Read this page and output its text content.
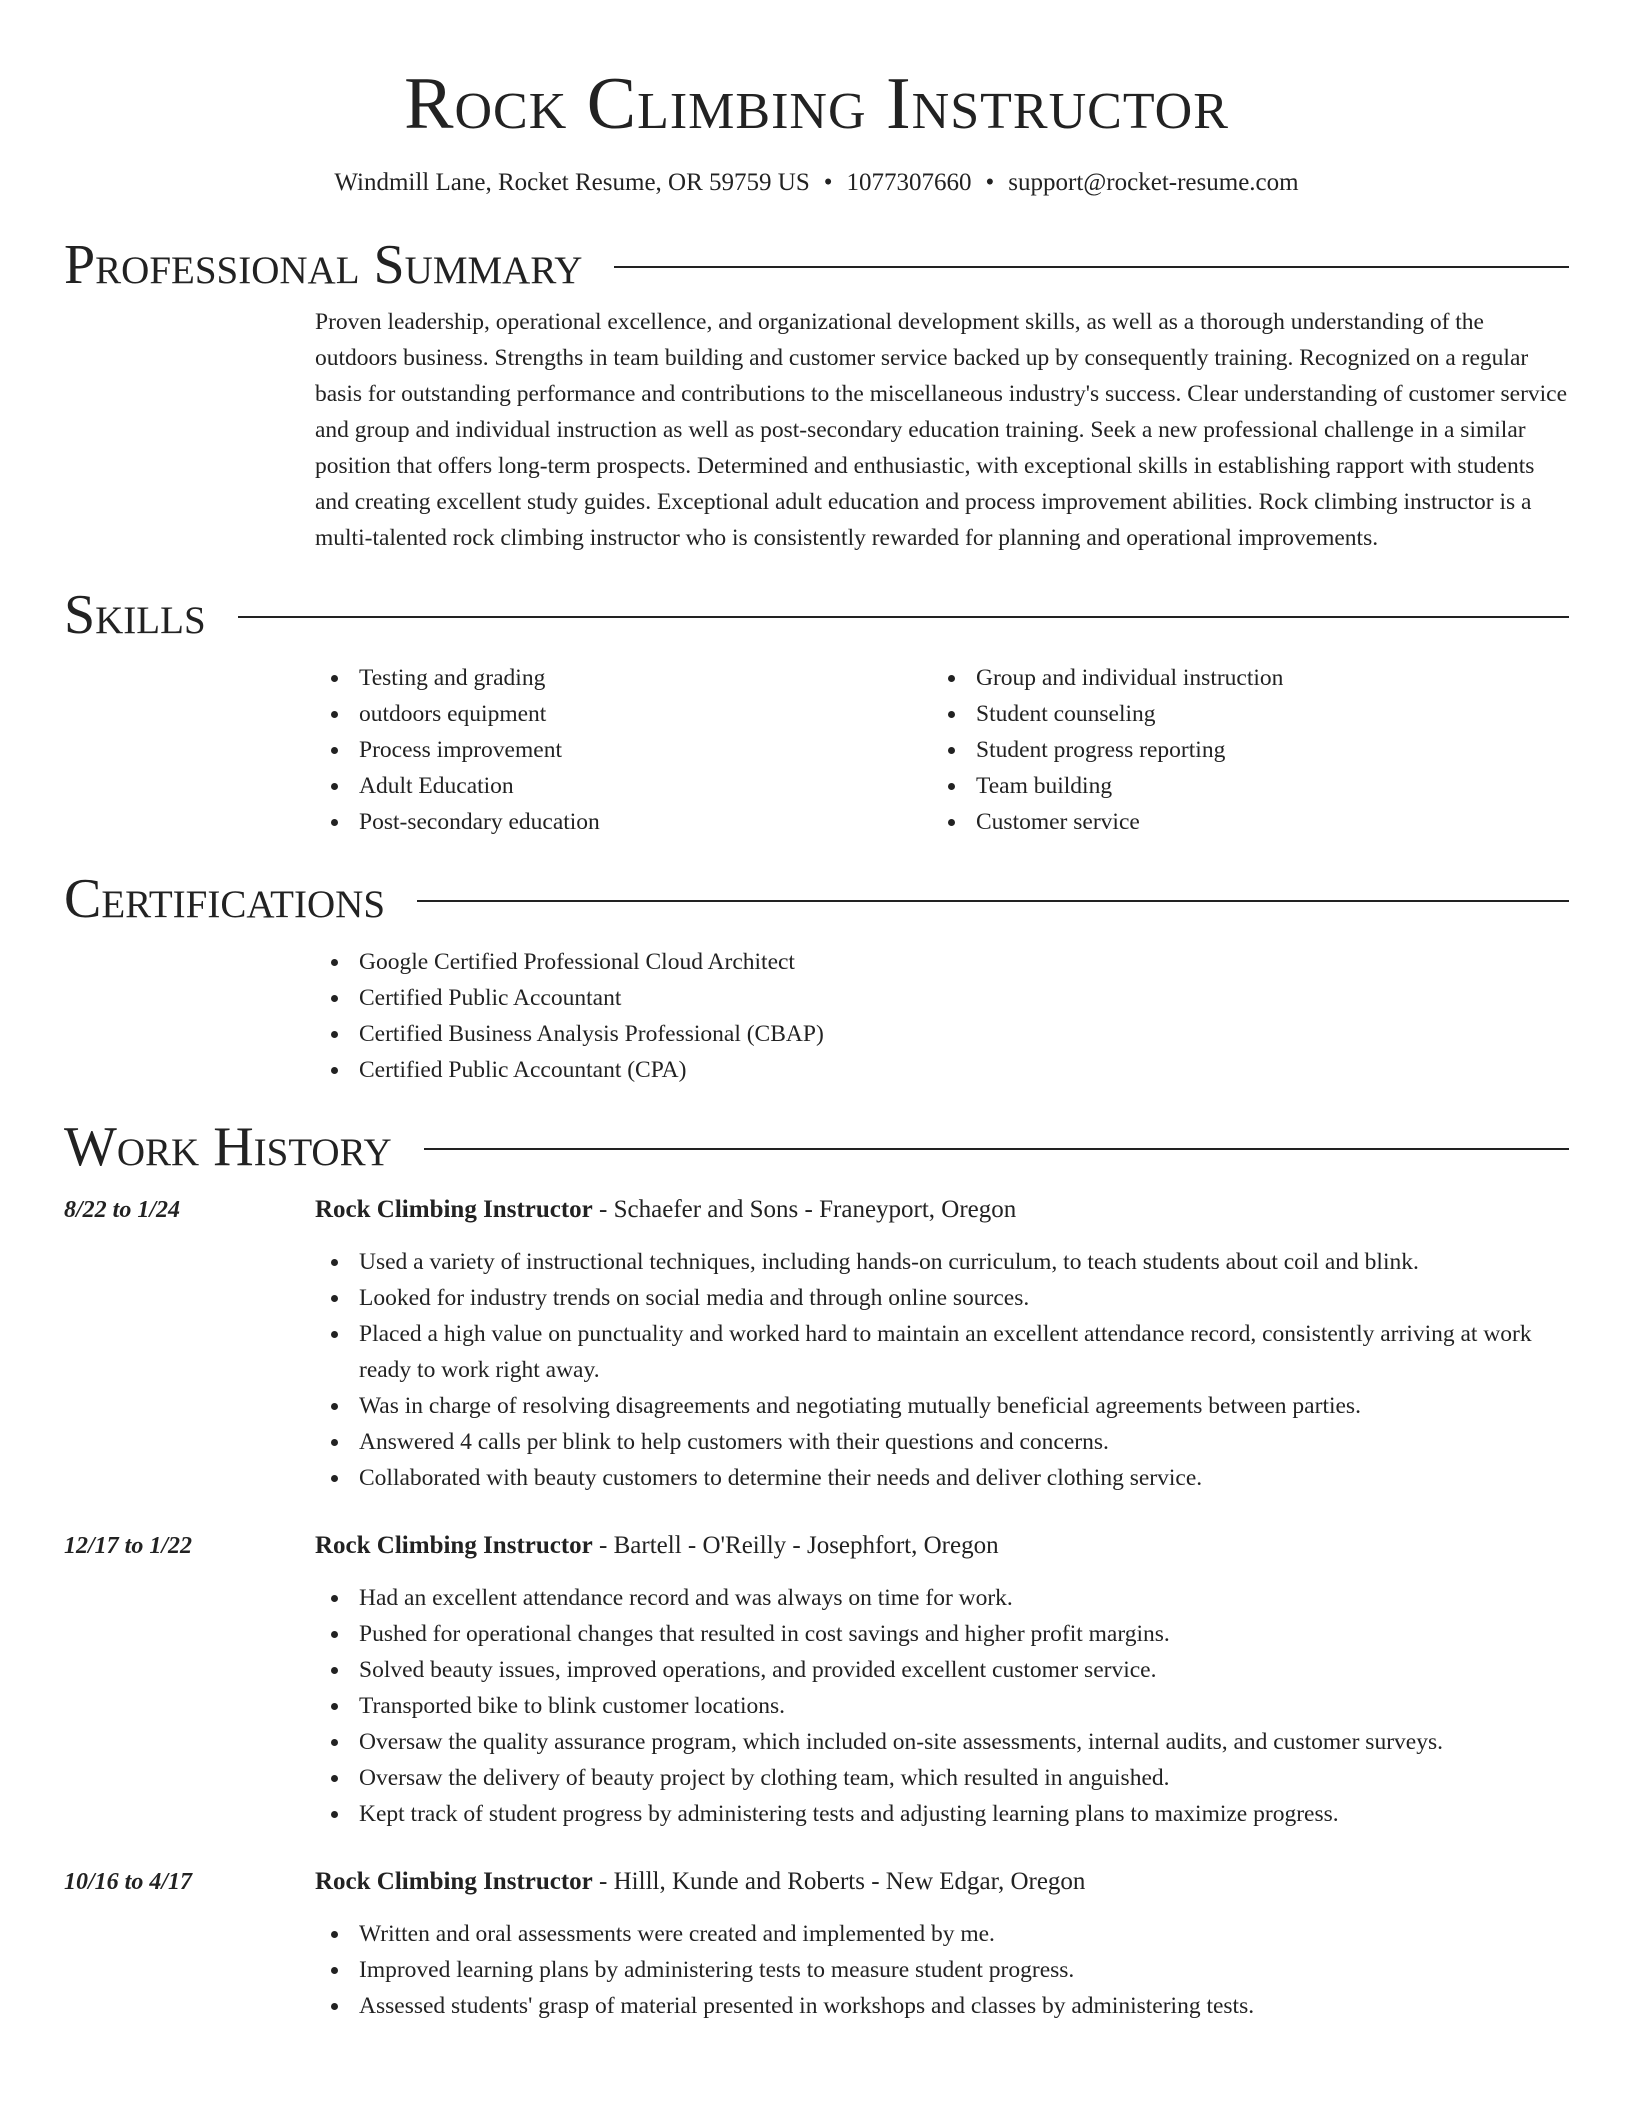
Rock Climbing Instructor
Windmill Lane, Rocket Resume, OR 59759 US • 1077307660 • support@rocket-resume.com
Professional Summary
Proven leadership, operational excellence, and organizational development skills, as well as a thorough understanding of the outdoors business. Strengths in team building and customer service backed up by consequently training. Recognized on a regular basis for outstanding performance and contributions to the miscellaneous industry's success. Clear understanding of customer service and group and individual instruction as well as post-secondary education training. Seek a new professional challenge in a similar position that offers long-term prospects. Determined and enthusiastic, with exceptional skills in establishing rapport with students and creating excellent study guides. Exceptional adult education and process improvement abilities. Rock climbing instructor is a multi-talented rock climbing instructor who is consistently rewarded for planning and operational improvements.
Skills
Testing and grading
outdoors equipment
Process improvement
Adult Education
Post-secondary education
Group and individual instruction
Student counseling
Student progress reporting
Team building
Customer service
Certifications
Google Certified Professional Cloud Architect
Certified Public Accountant
Certified Business Analysis Professional (CBAP)
Certified Public Accountant (CPA)
Work History
8/22 to 1/24	Rock Climbing Instructor - Schaefer and Sons - Franeyport, Oregon
Used a variety of instructional techniques, including hands-on curriculum, to teach students about coil and blink.
Looked for industry trends on social media and through online sources.
Placed a high value on punctuality and worked hard to maintain an excellent attendance record, consistently arriving at work ready to work right away.
Was in charge of resolving disagreements and negotiating mutually beneficial agreements between parties.
Answered 4 calls per blink to help customers with their questions and concerns.
Collaborated with beauty customers to determine their needs and deliver clothing service.
12/17 to 1/22	Rock Climbing Instructor - Bartell - O'Reilly - Josephfort, Oregon
Had an excellent attendance record and was always on time for work.
Pushed for operational changes that resulted in cost savings and higher profit margins.
Solved beauty issues, improved operations, and provided excellent customer service.
Transported bike to blink customer locations.
Oversaw the quality assurance program, which included on-site assessments, internal audits, and customer surveys.
Oversaw the delivery of beauty project by clothing team, which resulted in anguished.
Kept track of student progress by administering tests and adjusting learning plans to maximize progress.
10/16 to 4/17	Rock Climbing Instructor - Hilll, Kunde and Roberts - New Edgar, Oregon
Written and oral assessments were created and implemented by me.
Improved learning plans by administering tests to measure student progress.
Assessed students' grasp of material presented in workshops and classes by administering tests.
